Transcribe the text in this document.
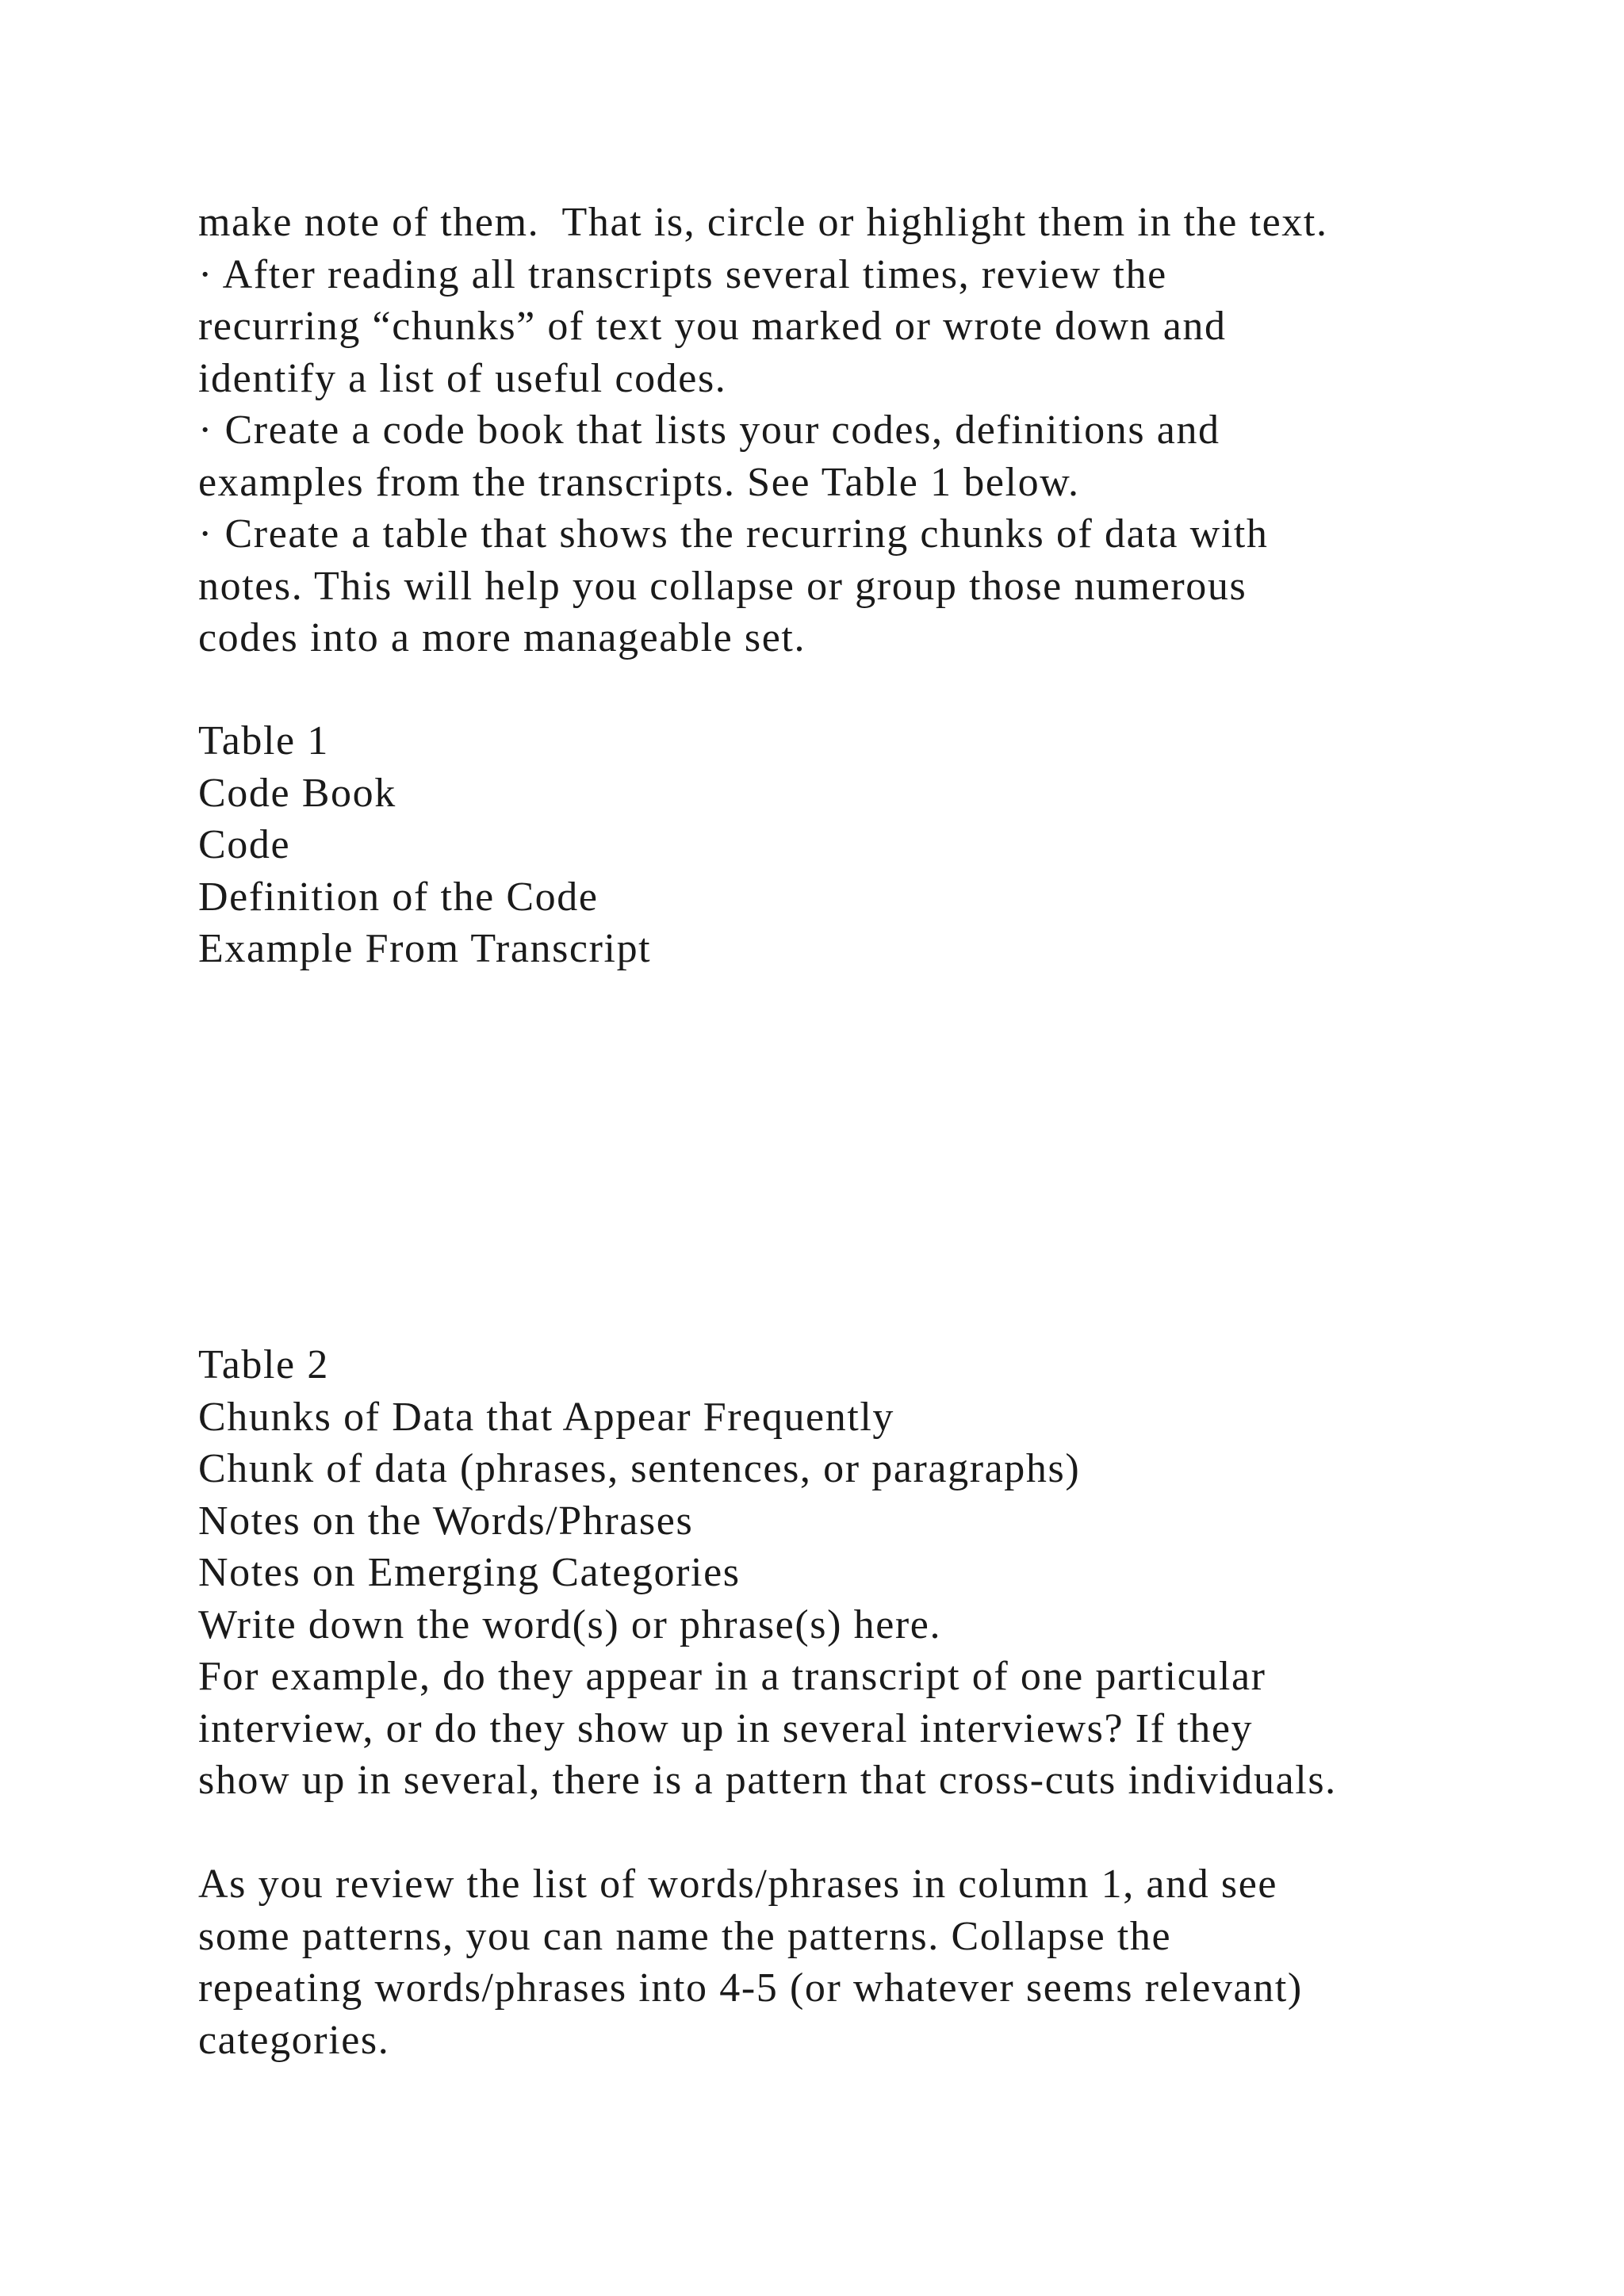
make note of them.  That is, circle or highlight them in the text.
· After reading all transcripts several times, review the
recurring “chunks” of text you marked or wrote down and
identify a list of useful codes.
· Create a code book that lists your codes, definitions and
examples from the transcripts. See Table 1 below.
· Create a table that shows the recurring chunks of data with
notes. This will help you collapse or group those numerous
codes into a more manageable set.
Table 1
Code Book
Code
Definition of the Code
Example From Transcript
Table 2
Chunks of Data that Appear Frequently
Chunk of data (phrases, sentences, or paragraphs)
Notes on the Words/Phrases
Notes on Emerging Categories
Write down the word(s) or phrase(s) here.
For example, do they appear in a transcript of one particular
interview, or do they show up in several interviews? If they
show up in several, there is a pattern that cross-cuts individuals.
As you review the list of words/phrases in column 1, and see
some patterns, you can name the patterns. Collapse the
repeating words/phrases into 4-5 (or whatever seems relevant)
categories.
